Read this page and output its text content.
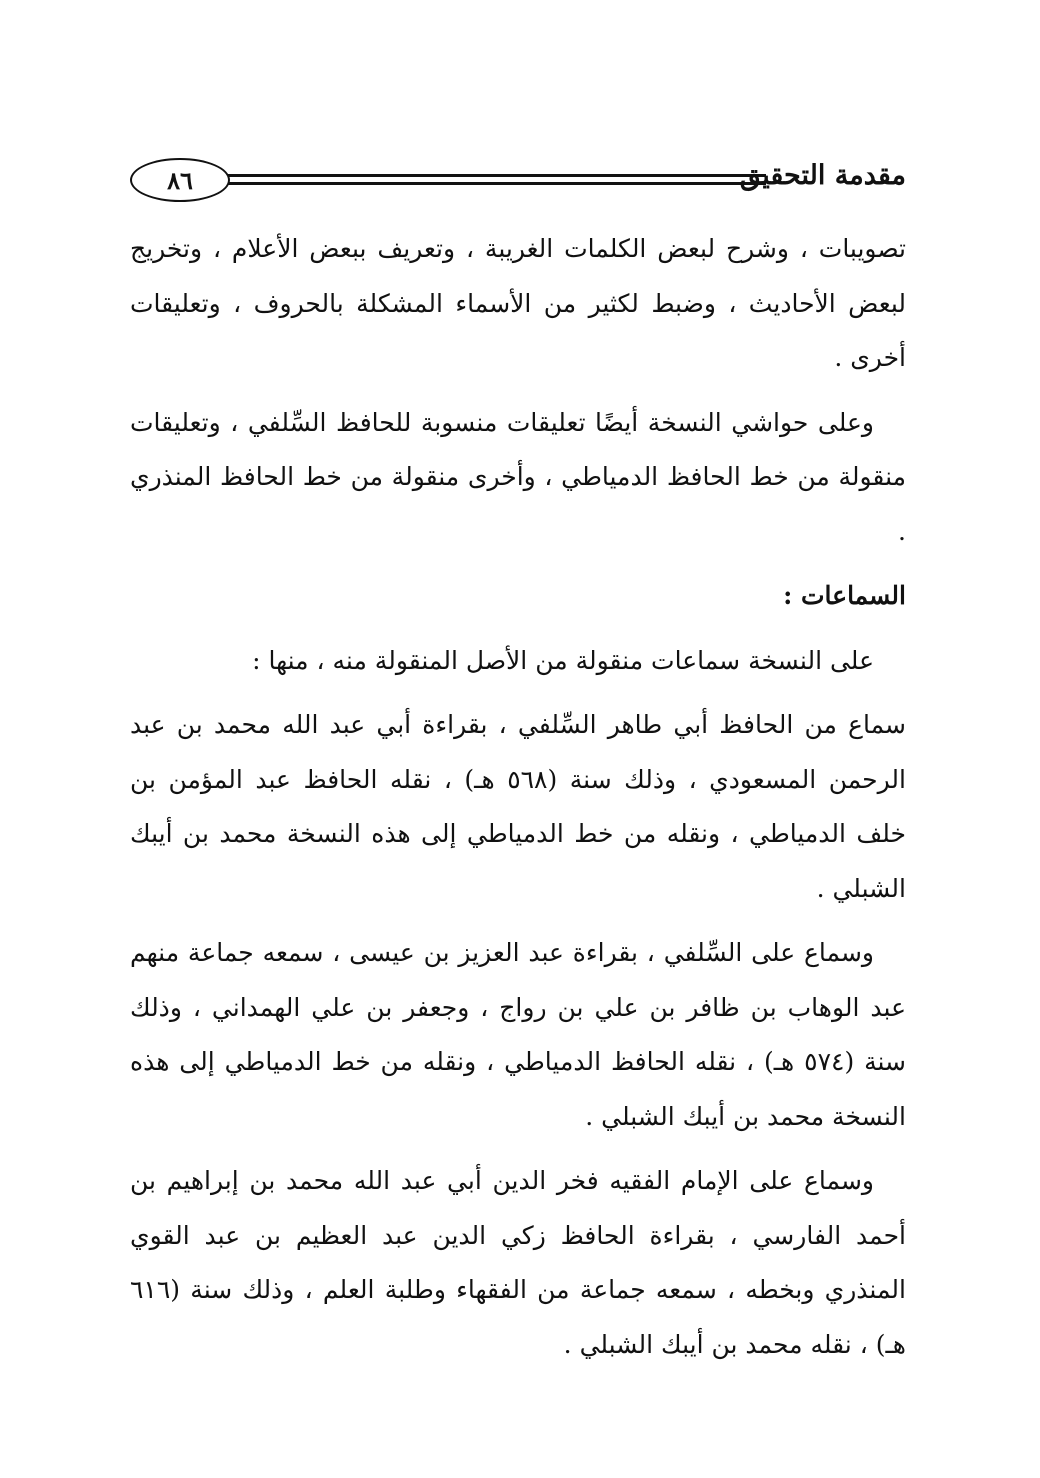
٨٦	مقدمة التحقيق

تصويبات ، وشرح لبعض الكلمات الغريبة ، وتعريف ببعض الأعلام ، وتخريج لبعض الأحاديث ، وضبط لكثير من الأسماء المشكلة بالحروف ، وتعليقات أخرى .

وعلى حواشي النسخة أيضًا تعليقات منسوبة للحافظ السِّلفي ، وتعليقات منقولة من خط الحافظ الدمياطي ، وأخرى منقولة من خط الحافظ المنذري .

السماعات :

على النسخة سماعات منقولة من الأصل المنقولة منه ، منها :

سماع من الحافظ أبي طاهر السِّلفي ، بقراءة أبي عبد الله محمد بن عبد الرحمن المسعودي ، وذلك سنة (٥٦٨ هـ) ، نقله الحافظ عبد المؤمن بن خلف الدمياطي ، ونقله من خط الدمياطي إلى هذه النسخة محمد بن أيبك الشبلي .

وسماع على السِّلفي ، بقراءة عبد العزيز بن عيسى ، سمعه جماعة منهم عبد الوهاب بن ظافر بن علي بن رواج ، وجعفر بن علي الهمداني ، وذلك سنة (٥٧٤ هـ) ، نقله الحافظ الدمياطي ، ونقله من خط الدمياطي إلى هذه النسخة محمد بن أيبك الشبلي .

وسماع على الإمام الفقيه فخر الدين أبي عبد الله محمد بن إبراهيم بن أحمد الفارسي ، بقراءة الحافظ زكي الدين عبد العظيم بن عبد القوي المنذري وبخطه ، سمعه جماعة من الفقهاء وطلبة العلم ، وذلك سنة (٦١٦ هـ) ، نقله محمد بن أيبك الشبلي .
